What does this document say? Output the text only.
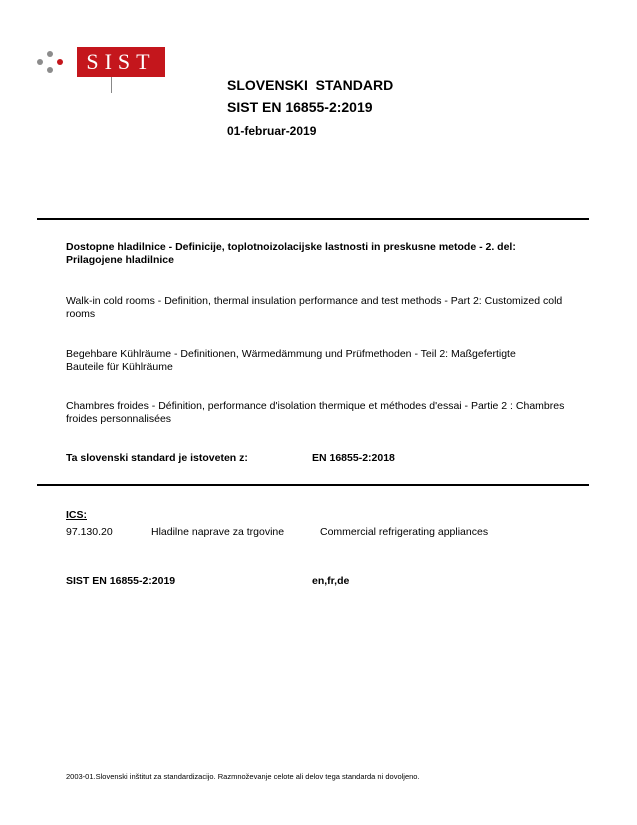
SIST
SLOVENSKI  STANDARD
SIST EN 16855-2:2019
01-februar-2019
Dostopne hladilnice - Definicije, toplotnoizolacijske lastnosti in preskusne metode - 2. del: Prilagojene hladilnice
Walk-in cold rooms - Definition, thermal insulation performance and test methods - Part 2: Customized cold rooms
Begehbare Kühlräume - Definitionen, Wärmedämmung und Prüfmethoden - Teil 2: Maßgefertigte Bauteile für Kühlräume
Chambres froides - Définition, performance d'isolation thermique et méthodes d'essai - Partie 2 : Chambres froides personnalisées
Ta slovenski standard je istoveten z:	EN 16855-2:2018
ICS:
97.130.20	Hladilne naprave za trgovine	Commercial refrigerating appliances
SIST EN 16855-2:2019	en,fr,de
2003-01.Slovenski inštitut za standardizacijo. Razmnoževanje celote ali delov tega standarda ni dovoljeno.
